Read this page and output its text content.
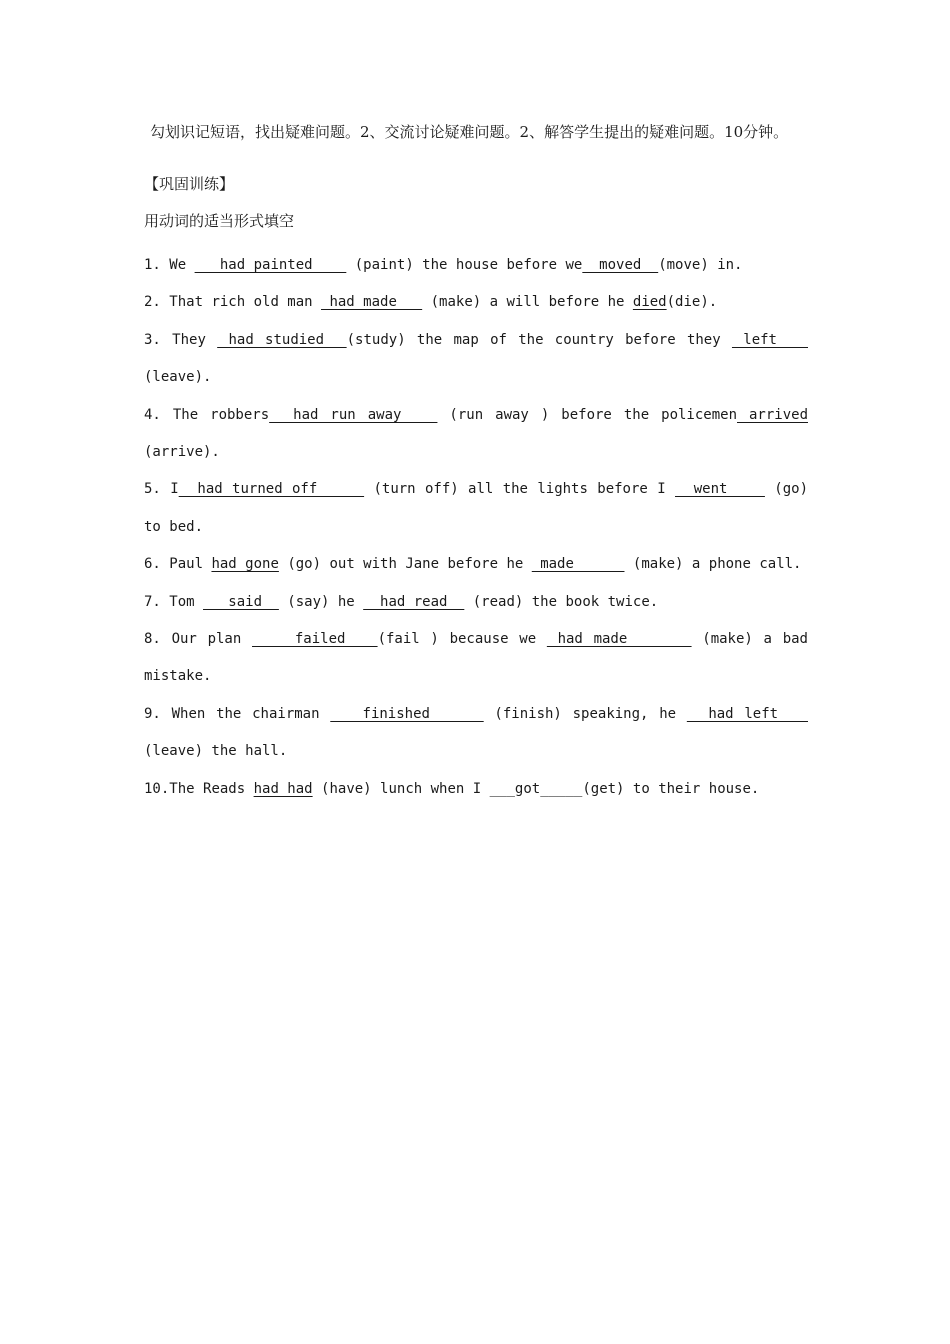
勾划识记短语，找出疑难问题。2、交流讨论疑难问题。2、解答学生提出的疑难问题。10分钟。
【巩固训练】
用动词的适当形式填空

1. We    had painted     (paint) the house before we  moved  (move) in.

2. That rich old man  had made    (make) a will before he died(die).

3. They  had studied  (study) the map of the country before they  left    (leave).

4. The robbers  had run away    (run away ) before the policemen arrived (arrive).

5. I  had turned off      (turn off) all the lights before I   went     (go) to bed.

6. Paul had gone (go) out with Jane before he  made       (make) a phone call.

7. Tom    said   (say) he   had read   (read) the book twice.

8. Our plan     failed   (fail ) because we  had made       (make) a bad mistake.

9. When the chairman    finished      (finish) speaking, he   had left    (leave) the hall.

10.The Reads had had (have) lunch when I ___got_____(get) to their house.
